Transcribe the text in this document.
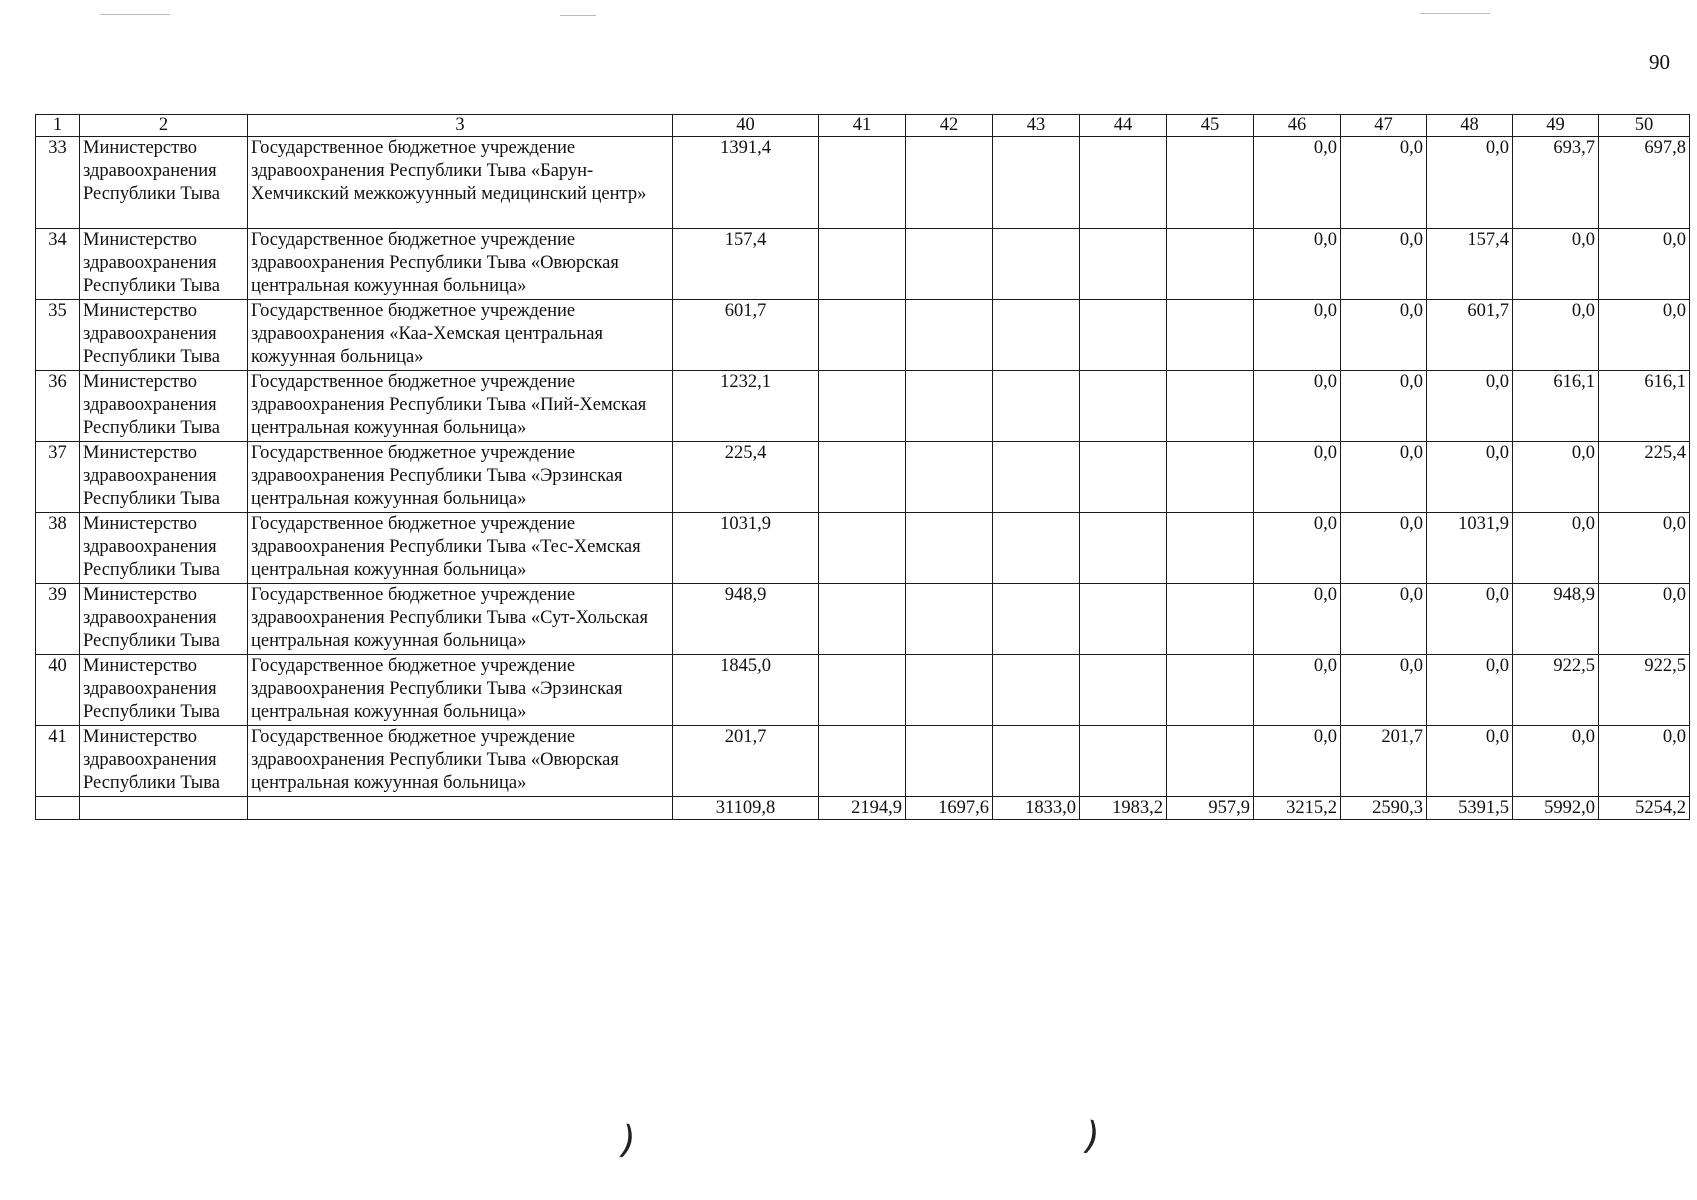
90
1	2	3	40	41	42	43	44	45	46	47	48	49	50
33	Министерство здравоохранения Республики Тыва	Государственное бюджетное учреждение здравоохранения Республики Тыва «Барун-Хемчикский межкожуунный медицинский центр»	1391,4						0,0	0,0	0,0	693,7	697,8
34	Министерство здравоохранения Республики Тыва	Государственное бюджетное учреждение здравоохранения Республики Тыва «Овюрская центральная кожуунная больница»	157,4						0,0	0,0	157,4	0,0	0,0
35	Министерство здравоохранения Республики Тыва	Государственное бюджетное учреждение здравоохранения «Каа-Хемская центральная кожуунная больница»	601,7						0,0	0,0	601,7	0,0	0,0
36	Министерство здравоохранения Республики Тыва	Государственное бюджетное учреждение здравоохранения Республики Тыва «Пий-Хемская центральная кожуунная больница»	1232,1						0,0	0,0	0,0	616,1	616,1
37	Министерство здравоохранения Республики Тыва	Государственное бюджетное учреждение здравоохранения Республики Тыва «Эрзинская центральная кожуунная больница»	225,4						0,0	0,0	0,0	0,0	225,4
38	Министерство здравоохранения Республики Тыва	Государственное бюджетное учреждение здравоохранения Республики Тыва «Тес-Хемская центральная кожуунная больница»	1031,9						0,0	0,0	1031,9	0,0	0,0
39	Министерство здравоохранения Республики Тыва	Государственное бюджетное учреждение здравоохранения Республики Тыва «Сут-Хольская центральная кожуунная больница»	948,9						0,0	0,0	0,0	948,9	0,0
40	Министерство здравоохранения Республики Тыва	Государственное бюджетное учреждение здравоохранения Республики Тыва «Эрзинская центральная кожуунная больница»	1845,0						0,0	0,0	0,0	922,5	922,5
41	Министерство здравоохранения Республики Тыва	Государственное бюджетное учреждение здравоохранения Республики Тыва «Овюрская центральная кожуунная больница»	201,7						0,0	201,7	0,0	0,0	0,0
			31109,8	2194,9	1697,6	1833,0	1983,2	957,9	3215,2	2590,3	5391,5	5992,0	5254,2
)	)
